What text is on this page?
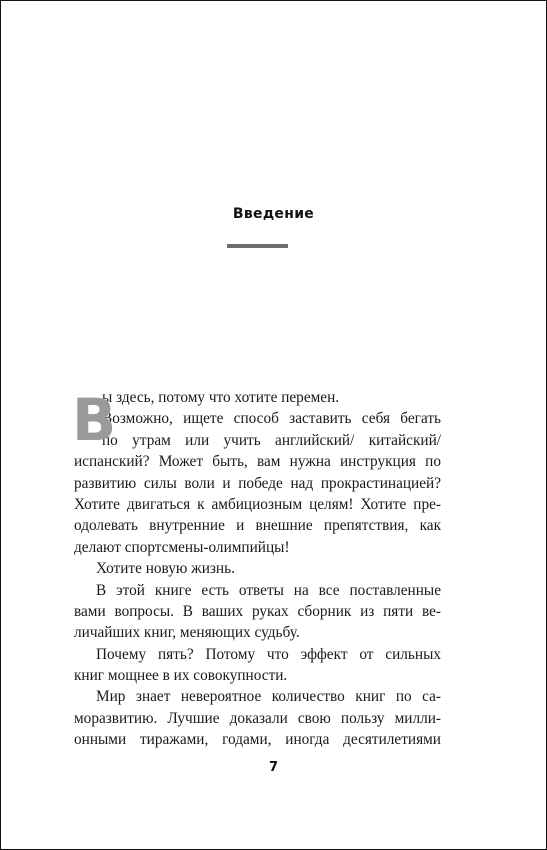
Введение
В
ы здесь, потому что хотите перемен.
Возможно, ищете способ заставить себя бегать
по утрам или учить английский/ китайский/
испанский? Может быть, вам нужна инструкция по
развитию силы воли и победе над прокрастинацией?
Хотите двигаться к амбициозным целям! Хотите пре-
одолевать внутренние и внешние препятствия, как
делают спортсмены-олимпийцы!
Хотите новую жизнь.
В этой книге есть ответы на все поставленные
вами вопросы. В ваших руках сборник из пяти ве-
личайших книг, меняющих судьбу.
Почему пять? Потому что эффект от сильных
книг мощнее в их совокупности.
Мир знает невероятное количество книг по са-
моразвитию. Лучшие доказали свою пользу милли-
онными тиражами, годами, иногда десятилетиями
7
